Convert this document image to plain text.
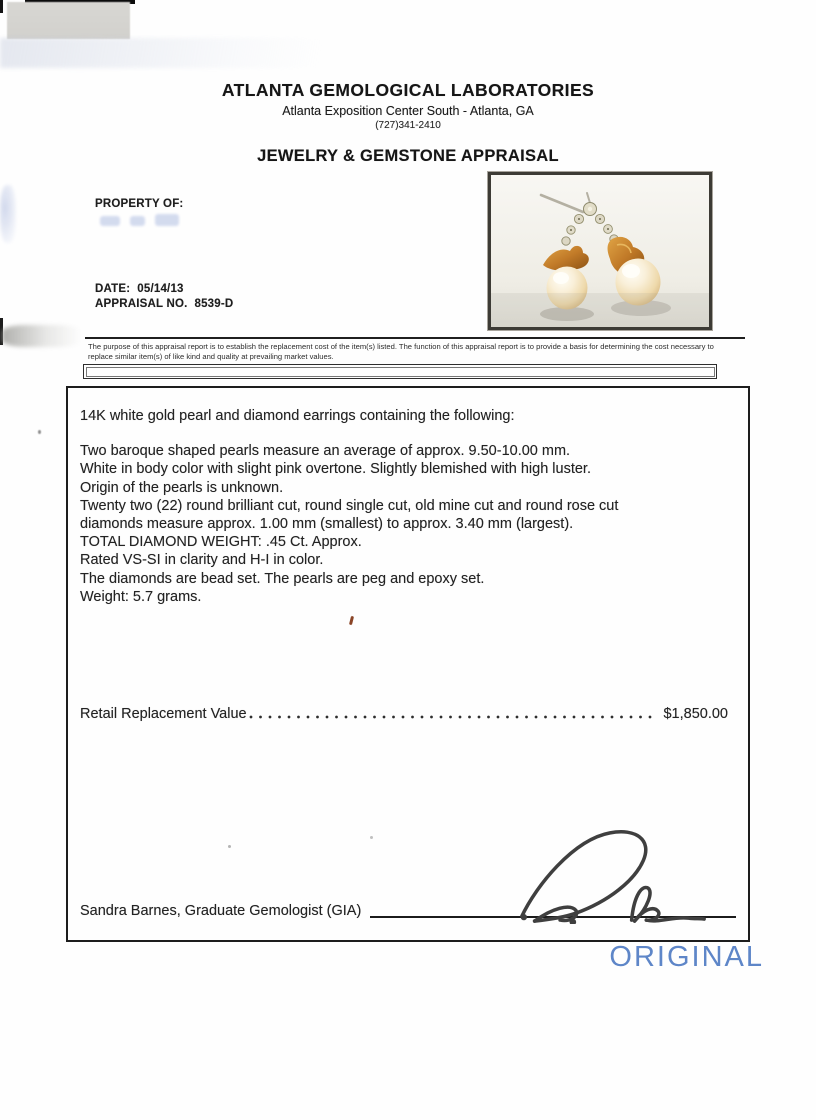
ATLANTA GEMOLOGICAL LABORATORIES
Atlanta Exposition Center South - Atlanta, GA
(727)341-2410
JEWELRY & GEMSTONE APPRAISAL
PROPERTY OF:
DATE: 05/14/13
APPRAISAL NO. 8539-D
The purpose of this appraisal report is to establish the replacement cost of the item(s) listed. The function of this appraisal report is to provide a basis for determining the cost necessary to replace similar item(s) of like kind and quality at prevailing market values.
14K white gold pearl and diamond earrings containing the following:
Two baroque shaped pearls measure an average of approx. 9.50-10.00 mm.
White in body color with slight pink overtone. Slightly blemished with high luster.
Origin of the pearls is unknown.
Twenty two (22) round brilliant cut, round single cut, old mine cut and round rose cut
diamonds measure approx. 1.00 mm (smallest) to approx. 3.40 mm (largest).
TOTAL DIAMOND WEIGHT: .45 Ct. Approx.
Rated VS-SI in clarity and H-I in color.
The diamonds are bead set. The pearls are peg and epoxy set.
Weight: 5.7 grams.
Retail Replacement Value	$1,850.00
Sandra Barnes, Graduate Gemologist (GIA)
ORIGINAL
